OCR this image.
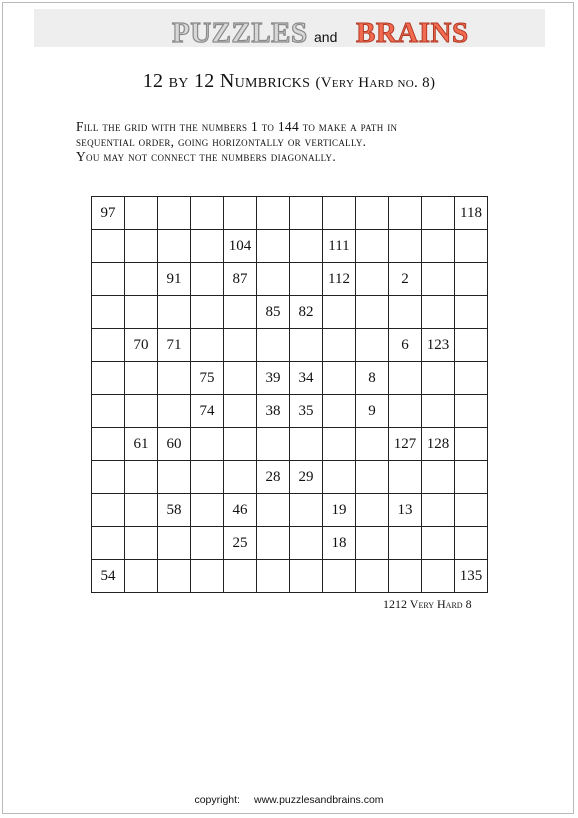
PUZZLES and BRAINS
12 by 12 Numbricks (Very Hard no. 8)
Fill the grid with the numbers 1 to 144 to make a path in
sequential order, going horizontally or vertically.
You may not connect the numbers diagonally.
97											118
				104			111				
		91		87			112		2		
					85	82					
	70	71							6	123	
			75		39	34		8			
			74		38	35		9			
	61	60							127	128	
					28	29					
		58		46			19		13		
				25			18				
54											135
1212 Very Hard 8
copyright: www.puzzlesandbrains.com
